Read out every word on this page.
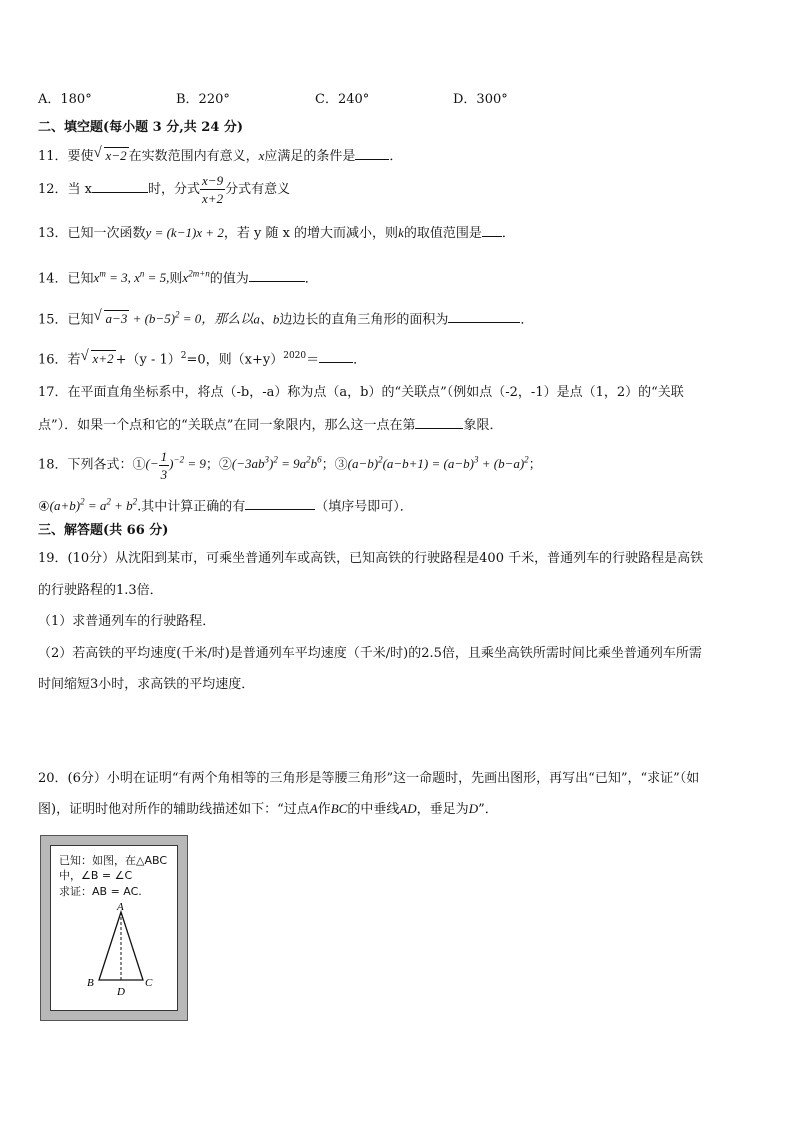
A．180°	B．220°	C．240°	D．300°
二、填空题(每小题 3 分,共 24 分)
11．要使 √ x−2 在实数范围内有意义，x应满足的条件是	．
12．当 x	时，分式 $\frac{x-9}{x+2}$ 分式有意义
13．已知一次函数y = (k−1)x + 2，若 y 随 x 的增大而减小，则k的取值范围是 ．
14．已知$x^m = 3$, $x^n = 5$,则$x^{2m+n}$的值为	．
15．已知 √ $a-3 + (b-5)^2 = 0$，那么以a、b边边长的直角三角形的面积为	．
16．若 √ x+2 +（y - 1）$^2$=0，则$(x+y)^{2020}=$	．
17．在平面直角坐标系中，将点（-b，-a）称为点（a，b）的“关联点”（例如点（-2，-1）是点（1，2）的“关联
点”）．如果一个点和它的“关联点”在同一象限内，那么这一点在第	象限．
18．下列各式：①(− $\frac{1}{3} )^{-2} = 9$；$②(-3ab^3)^2 = 9a^2b^6$；$③(a-b)^2(a-b+1) = (a-b)^3 + (b-a)^2$；
$④(a+b)^2 = a^2 + b^2$.其中计算正确的有	（填序号即可）．
三、解答题(共 66 分)
19．(10分）从沈阳到某市，可乘坐普通列车或高铁，已知高铁的行驶路程是400 千米，普通列车的行驶路程是高铁
的行驶路程的1.3倍．
（1）求普通列车的行驶路程．
（2）若高铁的平均速度(千米/时)是普通列车平均速度（千米/时)的2.5倍，且乘坐高铁所需时间比乘坐普通列车所需
时间缩短3小时，求高铁的平均速度．
20．(6分）小明在证明“有两个角相等的三角形是等腰三角形”这一命题时，先画出图形，再写出“已知”，“求证”（如
图)，证明时他对所作的辅助线描述如下：“过点A作BC的中垂线AD，垂足为D”．
已知：如图，在△ABC
中，∠B = ∠C
求证：AB = AC.
A
B	C
D
